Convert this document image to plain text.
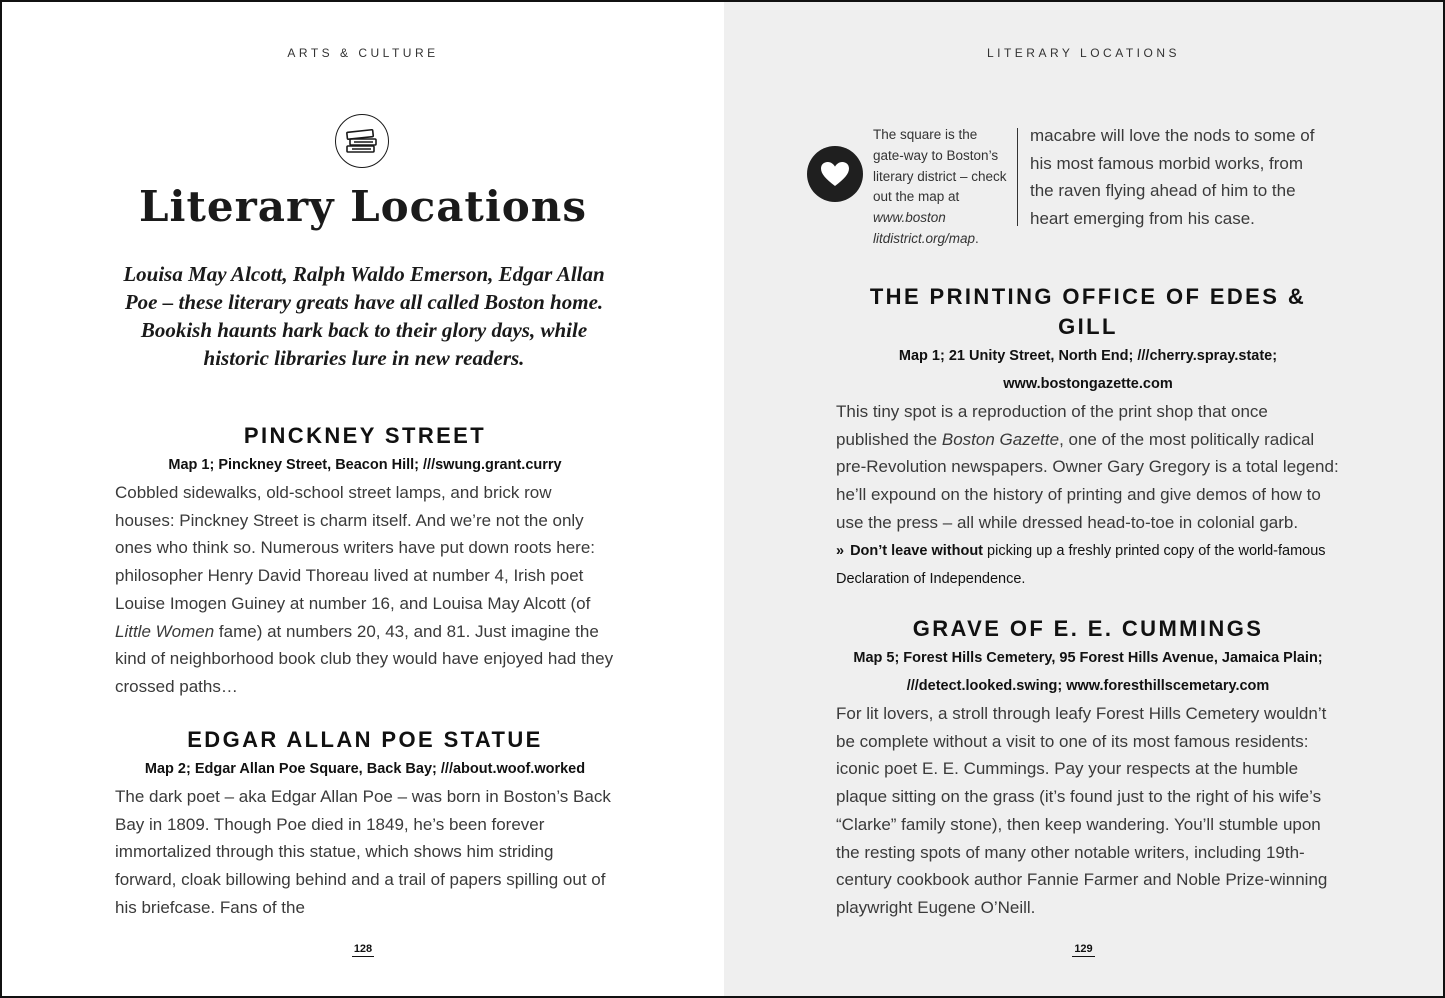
ARTS & CULTURE
Literary Locations

Louisa May Alcott, Ralph Waldo Emerson, Edgar Allan Poe – these literary greats have all called Boston home. Bookish haunts hark back to their glory days, while historic libraries lure in new readers.

PINCKNEY STREET

Map 1; Pinckney Street, Beacon Hill; ///swung.grant.curry

Cobbled sidewalks, old-school street lamps, and brick row houses: Pinckney Street is charm itself. And we’re not the only ones who think so. Numerous writers have put down roots here: philosopher Henry David Thoreau lived at number 4, Irish poet Louise Imogen Guiney at number 16, and Louisa May Alcott (of Little Women fame) at numbers 20, 43, and 81. Just imagine the kind of neighborhood book club they would have enjoyed had they crossed paths…

EDGAR ALLAN POE STATUE

Map 2; Edgar Allan Poe Square, Back Bay; ///about.woof.worked

The dark poet – aka Edgar Allan Poe – was born in Boston’s Back Bay in 1809. Though Poe died in 1849, he’s been forever immortalized through this statue, which shows him striding forward, cloak billowing behind and a trail of papers spilling out of his briefcase. Fans of the

128
LITERARY LOCATIONS

The square is the gate-way to Boston’s literary district – check out the map at www.boston litdistrict.org/map.

macabre will love the nods to some of his most famous morbid works, from the raven flying ahead of him to the heart emerging from his case.

THE PRINTING OFFICE OF EDES & GILL

Map 1; 21 Unity Street, North End; ///cherry.spray.state; www.bostongazette.com

This tiny spot is a reproduction of the print shop that once published the Boston Gazette, one of the most politically radical pre-Revolution newspapers. Owner Gary Gregory is a total legend: he’ll expound on the history of printing and give demos of how to use the press – all while dressed head-to-toe in colonial garb.

» Don’t leave without picking up a freshly printed copy of the world-famous Declaration of Independence.

GRAVE OF E. E. CUMMINGS

Map 5; Forest Hills Cemetery, 95 Forest Hills Avenue, Jamaica Plain; ///detect.looked.swing; www.foresthillscemetary.com

For lit lovers, a stroll through leafy Forest Hills Cemetery wouldn’t be complete without a visit to one of its most famous residents: iconic poet E. E. Cummings. Pay your respects at the humble plaque sitting on the grass (it’s found just to the right of his wife’s “Clarke” family stone), then keep wandering. You’ll stumble upon the resting spots of many other notable writers, including 19th-century cookbook author Fannie Farmer and Noble Prize-winning playwright Eugene O’Neill.

129
